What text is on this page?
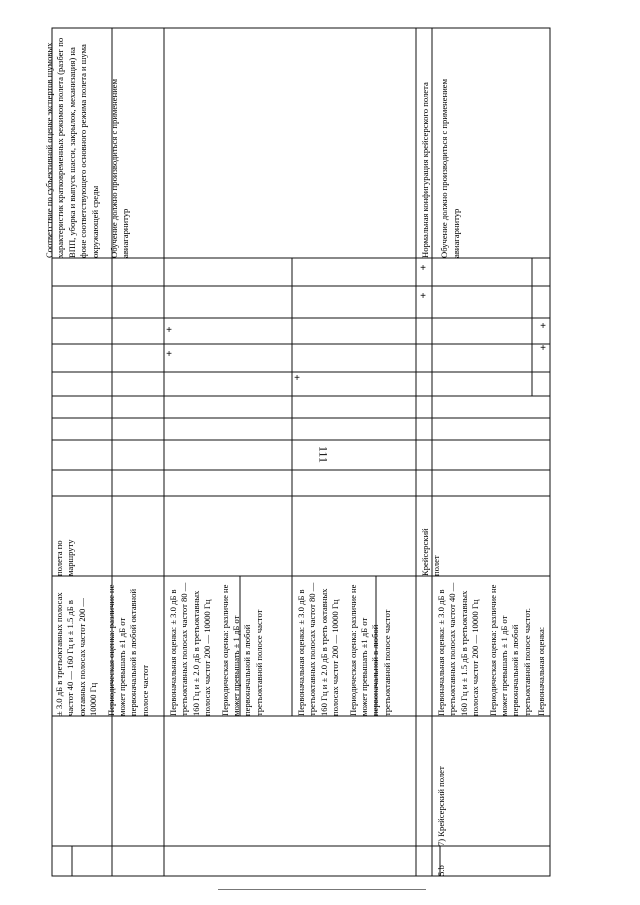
111

± 3.0 дБ в третьоктавных полосах частот 40 — 160 Гц и ± 1.5 дБ в октавных полосах частот 200 — 10000 Гц Периодическая оценка: различие не может превышать ±1 дБ от первоначальной в любой октавной полосе частот

полета по маршруту

Первоначальная оценка: ± 3.0 дБ в третьоктавных полосах частот 80 — 160 Гц и ± 2.0 дБ в третьоктавных полосах частот 200 — 10000 Гц Периодическая оценка: различие не может превышать ± 1 дБ от первоначальной в любой третьоктавной полосе частот	Первоначальная оценка: ± 3.0 дБ в третьоктавных полосах частот 80 — 160 Гц и ± 2.0 дБ в треть октавных полосах частот 200 — 10000 Гц Периодическая оценка: различие не может превышать ±1 дБ от первоначальной в любой третьоктавной полосе частот

Крейсерский полет

Первоначальная оценка: ± 3.0 дБ в третьоктавных полосах частот 40 — 160 Гц и ± 1.5 дБ в третьоктавных полосах частот 200 — 10000 Гц Периодическая оценка: различие не может превышать ± 1 дБ от первоначальной в любой третьоктавной полосе частот. Первоначальная оценка:

5.b

7) Крейсерский полет

Соответствие по субъективной оценке экспертов шумовых характеристик кратковременных режимов полета (разбег по ВПП, уборка и выпуск шасси, закрылок, механизация) на фоне соответствующего основного режима полета и шума окружающей среды Обучение должно производиться с применением авиагарнитур	Нормальная конфигурация крейсерского полета Обучение должно производиться с применением авиагарнитур

+
+
+
+
+
+
+
